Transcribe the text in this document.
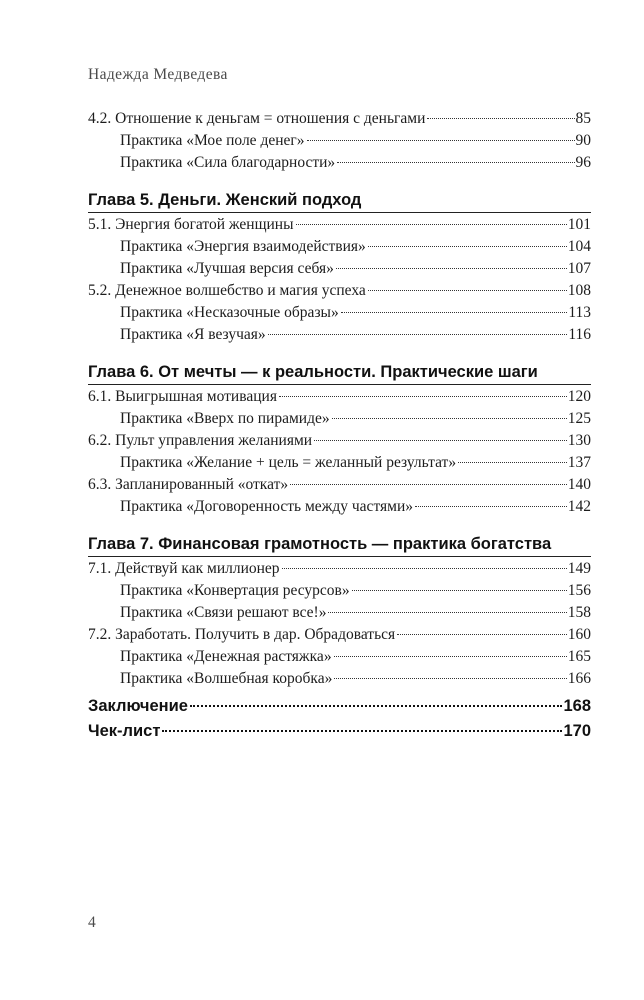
Надежда Медведева
4.2. Отношение к деньгам = отношения с деньгами	85
Практика «Мое поле денег»	90
Практика «Сила благодарности»	96
Глава 5. Деньги. Женский подход
5.1. Энергия богатой женщины	101
Практика «Энергия взаимодействия»	104
Практика «Лучшая версия себя»	107
5.2. Денежное волшебство и магия успеха	108
Практика «Несказочные образы»	113
Практика «Я везучая»	116
Глава 6. От мечты — к реальности. Практические шаги
6.1. Выигрышная мотивация	120
Практика «Вверх по пирамиде»	125
6.2. Пульт управления желаниями	130
Практика «Желание + цель = желанный результат»	137
6.3. Запланированный «откат»	140
Практика «Договоренность между частями»	142
Глава 7. Финансовая грамотность — практика богатства
7.1. Действуй как миллионер	149
Практика «Конвертация ресурсов»	156
Практика «Связи решают все!»	158
7.2. Заработать. Получить в дар. Обрадоваться	160
Практика «Денежная растяжка»	165
Практика «Волшебная коробка»	166
Заключение	168
Чек-лист	170
4
